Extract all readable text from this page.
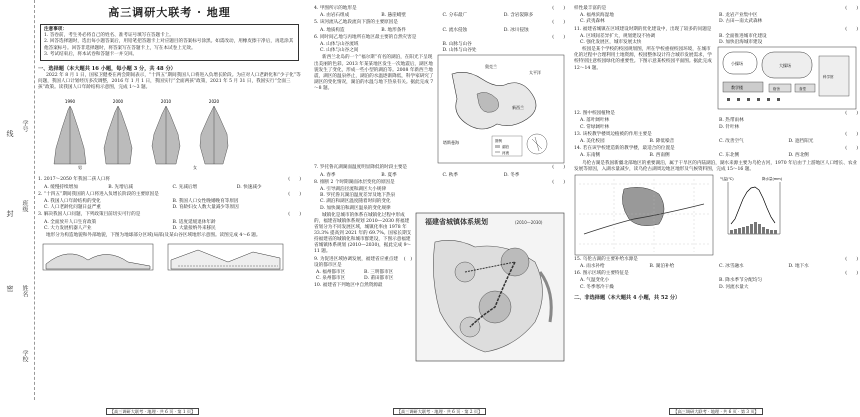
学号
班级
姓名
学校
线
封
密
高三调研大联考 · 地理
注意事项：
1. 答卷前，考生务必将自己的姓名、准考证号填写在答题卡上。
2. 回答选择题时，选出每小题答案后，用铅笔把答题卡上对应题目的答案标号涂黑。如需改动，用橡皮擦干净后，再选涂其他答案标号。回答非选择题时，将答案写在答题卡上，写在本试卷上无效。
3. 考试结束后，将本试卷和答题卡一并交回。
一、选择题（本大题共 16 小题，每小题 3 分，共 48 分）
2022 年 8 月 1 日，国家卫健委在两会期间表示，“十四五”期间我国人口将进入负增长阶段。为应对人口老龄化和“少子化”等问题，我国人口计划经历多次调整，2016 年 1 月 1 日，我国实行“全面两孩”政策，2021 年 5 月 31 日，我国实行“全面三孩”政策。读我国人口年龄结构示意图，完成 1～3 题。
1990	2000	2010	2020
男	女
1. 2017～2050 年我国二孩人口将	(　　)
A. 缓慢持续增加	B. 先增后减	C. 先减后增	D. 快速减少
2. “十四五”期间我国的人口将进入负增长阶段的主要原因是	(　　)
A. 我国人口年龄结构的变化	B. 我国人口女性晚婚晚育等原因
C. 人口老龄化问题日益严重	D. 育龄妇女人数大量减少等原因
3. 解决我国人口问题，下列政策目前切实可行的是	(　　)
A. 全面放开人口生育政策	B. 适度延缓退休年龄
C. 大力发展机器人产业	D. 大量接纳外来移民
地形分为构造地貌和外部地貌，下图为地球部分区域(局部)及某山谷区域地形示意图。读图完成 4～6 题。
【高三调研大联考 · 地理 · 共 6 页 · 第 1 页】
4. 甲图所示的地形是	(　　)
A. 由岩石组成	B. 悬崖峭壁	C. 分布最广	D. 含岩裂隙多
5. 该河流从乙地段流向下游的主要原因是	(　　)
A. 地质构造	B. 地形条件	C. 流水侵蚀	D. 冰川侵蚀
6. 同时间乙地与丙地所在地区最主要的自然灾害是	(　　)
A. 山体与山谷流域	B. 山脉与山谷
C. 山体与山谷之间	D. 山体与山谷处
新西兰北岛的一个“福尔斯”有名的湖泊，在阳光下呈现出美丽的色彩。2013 年某某地区发生一次地震后，湖区地貌发生了变化，形成一些小型的湖泊等。2008 年新西兰地震，湖区的温泉停止，湖泊的水温逐渐降低，科学家研究了湖区的变化情况，湖泊的水温与地下热泉有关。据此完成 7～8 题。
奥克兰
新西兰
塔斯曼海
太平洋
图例
湖泊
河流
7. 罗托鲁瓦湖湖面温度明显降低的时段主要是	(　　)
A. 春季	B. 夏季	C. 秋季	D. 冬季
8. 推断 2 个时期湖面冰层变化的原因是	(　　)
A. 引导湖泊径流和湖区大小规律
B. 罗托鲁瓦湖泊温度差异及地下热泉
C. 湖泊和湖区温度随着时间的变化
D. 加快湖泊和湖区温泉的变化规律
城镇化是城市的体系在城镇化过程中形成的，福建省城镇体系规划 2010—2030 将福建省划分为不同发展区域，城镇化率由 1978 年 33.3% 提高到 2021 年的 69.7%。国家长期支持福建省的城镇化和城市群建设，下图示意福建省城镇体系规划 (2010—2030)，据此完成 9～11 题。
9. 为促进区域协调发展，福建省应重点建设的都市区是
(　)
A. 福州都市区	B. 三明都市区
C. 泉州都市区	D. 莆田都市区
10. 福建省下列地区中自然资源最
福建省城镇体系规划	(2010—2030)
【高三调研大联考 · 地理 · 共 6 页 · 第 2 页】
样性最丰富的是	(　　)
A. 福州滨海湿地	B. 龙岩产业集中区
C. 武夷森林	D. 古田—南太武森林
11. 福建省城镇在区域建设时期的优化建设中，出现了较多的问题是	(　　)
A. 区域间差异扩大，规划建设不协调	B. 全面推进城市化建设
C. 强化发展区，城市发展太快	D. 加快沿海城市建设
校园是某个学校的校园规划图，所在学校重视校园环境，在城市化的过程中合理利用土地资源，校园整体设计符合城市发展需求，学校特别注意校园绿化的重要性。下图示意某校校园平面图。据此完成 12～14 题。
小操场	大操场
教学楼	宿舍	食堂
科学馆
12. 图中校园植物是	(　　)
A. 落叶阔叶林	B. 热带雨林
C. 常绿阔叶林	D. 针叶林
13. 该校教学楼周边植被的作用主要是	(　　)
A. 美化校园	B. 降低噪音	C. 改善空气	D. 遮挡阳光
14. 若在该学校建造新的教学楼，最适合的位置是	(　　)
A. 东南侧	B. 西南侧	C. 东北侧	D. 西北侧
乌伦古湖是我国新疆北部地区的重要湖泊，属于干旱区的内陆湖泊，湖水来源主要为乌伦古河，1970 年后由于上游地区人口增长、农业发展等原因，入湖水量减少，读乌伦古湖周边地区地形及气候资料图，完成 15～16 题。
气温(℃)	降水量(mm)
15. 乌伦古湖的主要补给水源是	(　　)
A. 雨水补给	B. 湖泊补给	C. 冰雪融水	D. 地下水
16. 图示区域的主要特征是	(　　)
A. 气温变化小	B. 降水季节分配均匀
C. 冬季寒冷干燥	D. 河流水量大
二、非选择题（本大题共 4 小题，共 52 分）
【高三调研大联考 · 地理 · 共 6 页 · 第 3 页】
